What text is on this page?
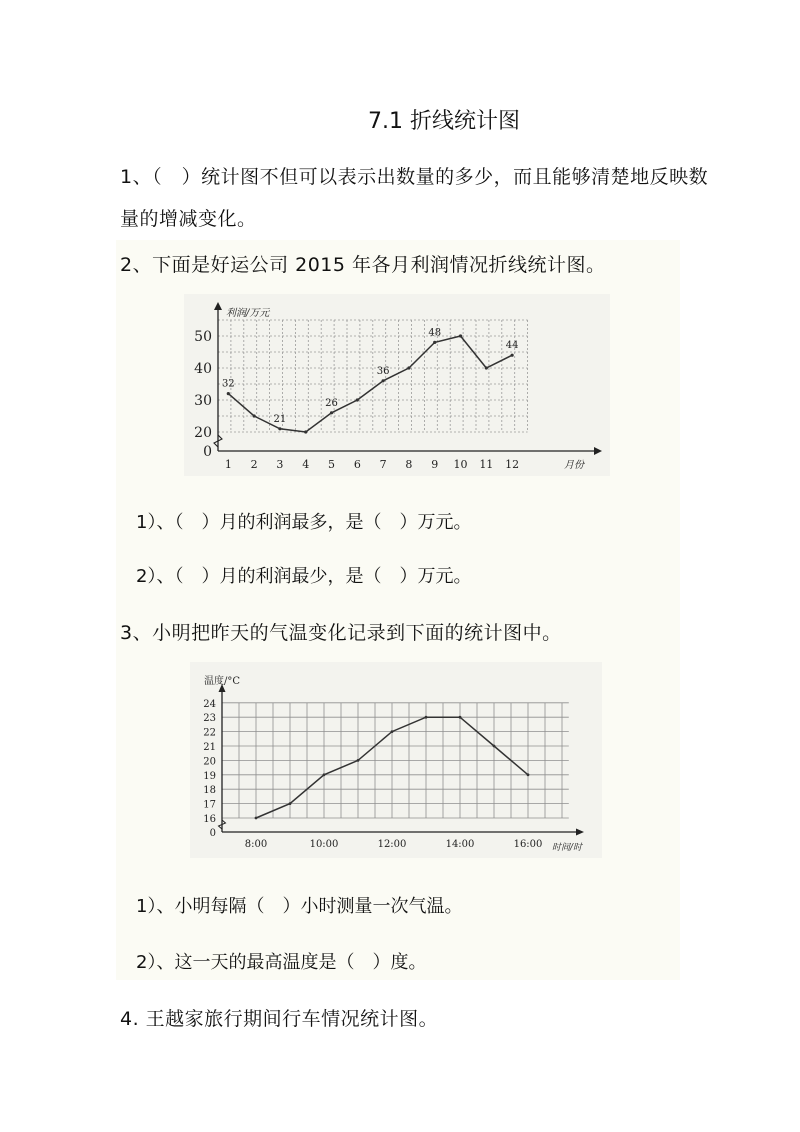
7.1 折线统计图
1、（　）统计图不但可以表示出数量的多少，而且能够清楚地反映数
量的增减变化。
2、下面是好运公司 2015 年各月利润情况折线统计图。
0
20
30
40
50
1 2 3 4 5 6 7 8 9 10 11 12
利润/万元
月份
32
21
26
36
48
44
1）、（　）月的利润最多，是（　）万元。
2）、（　）月的利润最少，是（　）万元。
3、小明把昨天的气温变化记录到下面的统计图中。
0
16
17
18
19
20
21
22
23
24
8:00	10:00	12:00	14:00	16:00
温度/°C
时间/时
1）、小明每隔（　）小时测量一次气温。
2）、这一天的最高温度是（　）度。
4. 王越家旅行期间行车情况统计图。
